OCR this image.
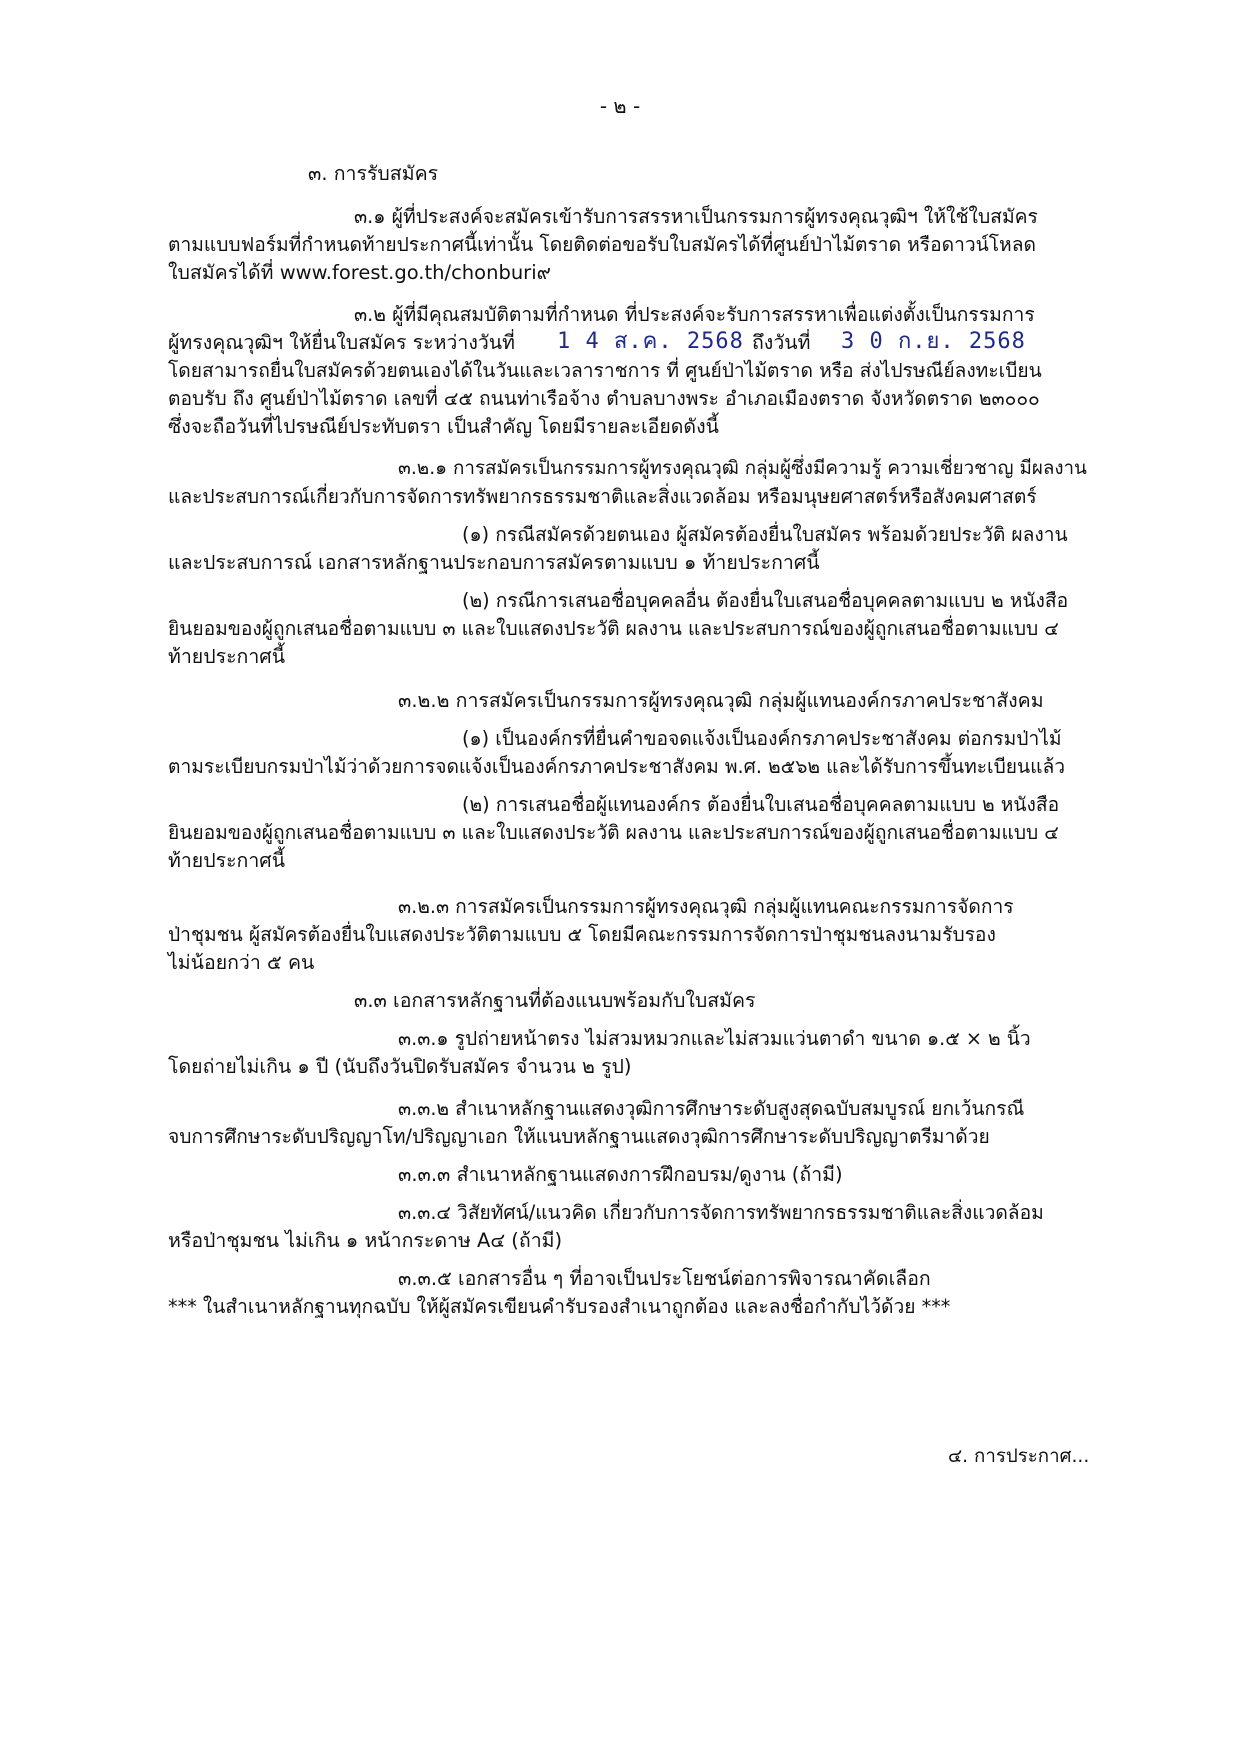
- ๒ -
๓. การรับสมัคร
๓.๑ ผู้ที่ประสงค์จะสมัครเข้ารับการสรรหาเป็นกรรมการผู้ทรงคุณวุฒิฯ ให้ใช้ใบสมัคร
ตามแบบฟอร์มที่กำหนดท้ายประกาศนี้เท่านั้น โดยติดต่อขอรับใบสมัครได้ที่ศูนย์ป่าไม้ตราด หรือดาวน์โหลด
ใบสมัครได้ที่ www.forest.go.th/chonburi๙
๓.๒ ผู้ที่มีคุณสมบัติตามที่กำหนด ที่ประสงค์จะรับการสรรหาเพื่อแต่งตั้งเป็นกรรมการ
ผู้ทรงคุณวุฒิฯ ให้ยื่นใบสมัคร ระหว่างวันที่ 1 4 ส.ค. 2568 ถึงวันที่ 3 0 ก.ย. 2568
โดยสามารถยื่นใบสมัครด้วยตนเองได้ในวันและเวลาราชการ ที่ ศูนย์ป่าไม้ตราด หรือ ส่งไปรษณีย์ลงทะเบียน
ตอบรับ ถึง ศูนย์ป่าไม้ตราด เลขที่ ๔๕ ถนนท่าเรือจ้าง ตำบลบางพระ อำเภอเมืองตราด จังหวัดตราด ๒๓๐๐๐
ซึ่งจะถือวันที่ไปรษณีย์ประทับตรา เป็นสำคัญ โดยมีรายละเอียดดังนี้
๓.๒.๑ การสมัครเป็นกรรมการผู้ทรงคุณวุฒิ กลุ่มผู้ซึ่งมีความรู้ ความเชี่ยวชาญ มีผลงาน
และประสบการณ์เกี่ยวกับการจัดการทรัพยากรธรรมชาติและสิ่งแวดล้อม หรือมนุษยศาสตร์หรือสังคมศาสตร์
(๑) กรณีสมัครด้วยตนเอง ผู้สมัครต้องยื่นใบสมัคร พร้อมด้วยประวัติ ผลงาน
และประสบการณ์ เอกสารหลักฐานประกอบการสมัครตามแบบ ๑ ท้ายประกาศนี้
(๒) กรณีการเสนอชื่อบุคคลอื่น ต้องยื่นใบเสนอชื่อบุคคลตามแบบ ๒ หนังสือ
ยินยอมของผู้ถูกเสนอชื่อตามแบบ ๓ และใบแสดงประวัติ ผลงาน และประสบการณ์ของผู้ถูกเสนอชื่อตามแบบ ๔
ท้ายประกาศนี้
๓.๒.๒ การสมัครเป็นกรรมการผู้ทรงคุณวุฒิ กลุ่มผู้แทนองค์กรภาคประชาสังคม
(๑) เป็นองค์กรที่ยื่นคำขอจดแจ้งเป็นองค์กรภาคประชาสังคม ต่อกรมป่าไม้
ตามระเบียบกรมป่าไม้ว่าด้วยการจดแจ้งเป็นองค์กรภาคประชาสังคม พ.ศ. ๒๕๖๒ และได้รับการขึ้นทะเบียนแล้ว
(๒) การเสนอชื่อผู้แทนองค์กร ต้องยื่นใบเสนอชื่อบุคคลตามแบบ ๒ หนังสือ
ยินยอมของผู้ถูกเสนอชื่อตามแบบ ๓ และใบแสดงประวัติ ผลงาน และประสบการณ์ของผู้ถูกเสนอชื่อตามแบบ ๔
ท้ายประกาศนี้
๓.๒.๓ การสมัครเป็นกรรมการผู้ทรงคุณวุฒิ กลุ่มผู้แทนคณะกรรมการจัดการ
ป่าชุมชน ผู้สมัครต้องยื่นใบแสดงประวัติตามแบบ ๕ โดยมีคณะกรรมการจัดการป่าชุมชนลงนามรับรอง
ไม่น้อยกว่า ๕ คน
๓.๓ เอกสารหลักฐานที่ต้องแนบพร้อมกับใบสมัคร
๓.๓.๑ รูปถ่ายหน้าตรง ไม่สวมหมวกและไม่สวมแว่นตาดำ ขนาด ๑.๕ × ๒ นิ้ว
โดยถ่ายไม่เกิน ๑ ปี (นับถึงวันปิดรับสมัคร จำนวน ๒ รูป)
๓.๓.๒ สำเนาหลักฐานแสดงวุฒิการศึกษาระดับสูงสุดฉบับสมบูรณ์ ยกเว้นกรณี
จบการศึกษาระดับปริญญาโท/ปริญญาเอก ให้แนบหลักฐานแสดงวุฒิการศึกษาระดับปริญญาตรีมาด้วย
๓.๓.๓ สำเนาหลักฐานแสดงการฝึกอบรม/ดูงาน (ถ้ามี)
๓.๓.๔ วิสัยทัศน์/แนวคิด เกี่ยวกับการจัดการทรัพยากรธรรมชาติและสิ่งแวดล้อม
หรือป่าชุมชน ไม่เกิน ๑ หน้ากระดาษ A๔ (ถ้ามี)
๓.๓.๕ เอกสารอื่น ๆ ที่อาจเป็นประโยชน์ต่อการพิจารณาคัดเลือก
*** ในสำเนาหลักฐานทุกฉบับ ให้ผู้สมัครเขียนคำรับรองสำเนาถูกต้อง และลงชื่อกำกับไว้ด้วย ***
๔. การประกาศ...
